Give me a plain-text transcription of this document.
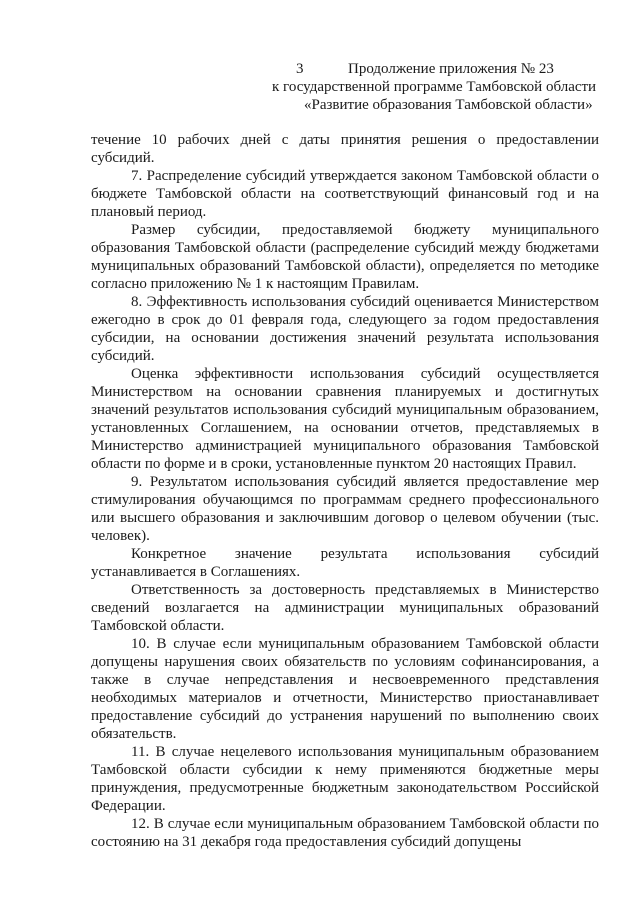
3	Продолжение приложения № 23
к государственной программе Тамбовской области
«Развитие образования Тамбовской области»

течение 10 рабочих дней с даты принятия решения о предоставлении субсидий.

7. Распределение субсидий утверждается законом Тамбовской области о бюджете Тамбовской области на соответствующий финансовый год и на плановый период.

Размер субсидии, предоставляемой бюджету муниципального образования Тамбовской области (распределение субсидий между бюджетами муниципальных образований Тамбовской области), определяется по методике согласно приложению № 1 к настоящим Правилам.

8. Эффективность использования субсидий оценивается Министерством ежегодно в срок до 01 февраля года, следующего за годом предоставления субсидии, на основании достижения значений результата использования субсидий.

Оценка эффективности использования субсидий осуществляется Министерством на основании сравнения планируемых и достигнутых значений результатов использования субсидий муниципальным образованием, установленных Соглашением, на основании отчетов, представляемых в Министерство администрацией муниципального образования Тамбовской области по форме и в сроки, установленные пунктом 20 настоящих Правил.

9. Результатом использования субсидий является предоставление мер стимулирования обучающимся по программам среднего профессионального или высшего образования и заключившим договор о целевом обучении (тыс. человек).

Конкретное значение результата использования субсидий устанавливается в Соглашениях.

Ответственность за достоверность представляемых в Министерство сведений возлагается на администрации муниципальных образований Тамбовской области.

10. В случае если муниципальным образованием Тамбовской области допущены нарушения своих обязательств по условиям софинансирования, а также в случае непредставления и несвоевременного представления необходимых материалов и отчетности, Министерство приостанавливает предоставление субсидий до устранения нарушений по выполнению своих обязательств.

11. В случае нецелевого использования муниципальным образованием Тамбовской области субсидии к нему применяются бюджетные меры принуждения, предусмотренные бюджетным законодательством Российской Федерации.

12. В случае если муниципальным образованием Тамбовской области по состоянию на 31 декабря года предоставления субсидий допущены
